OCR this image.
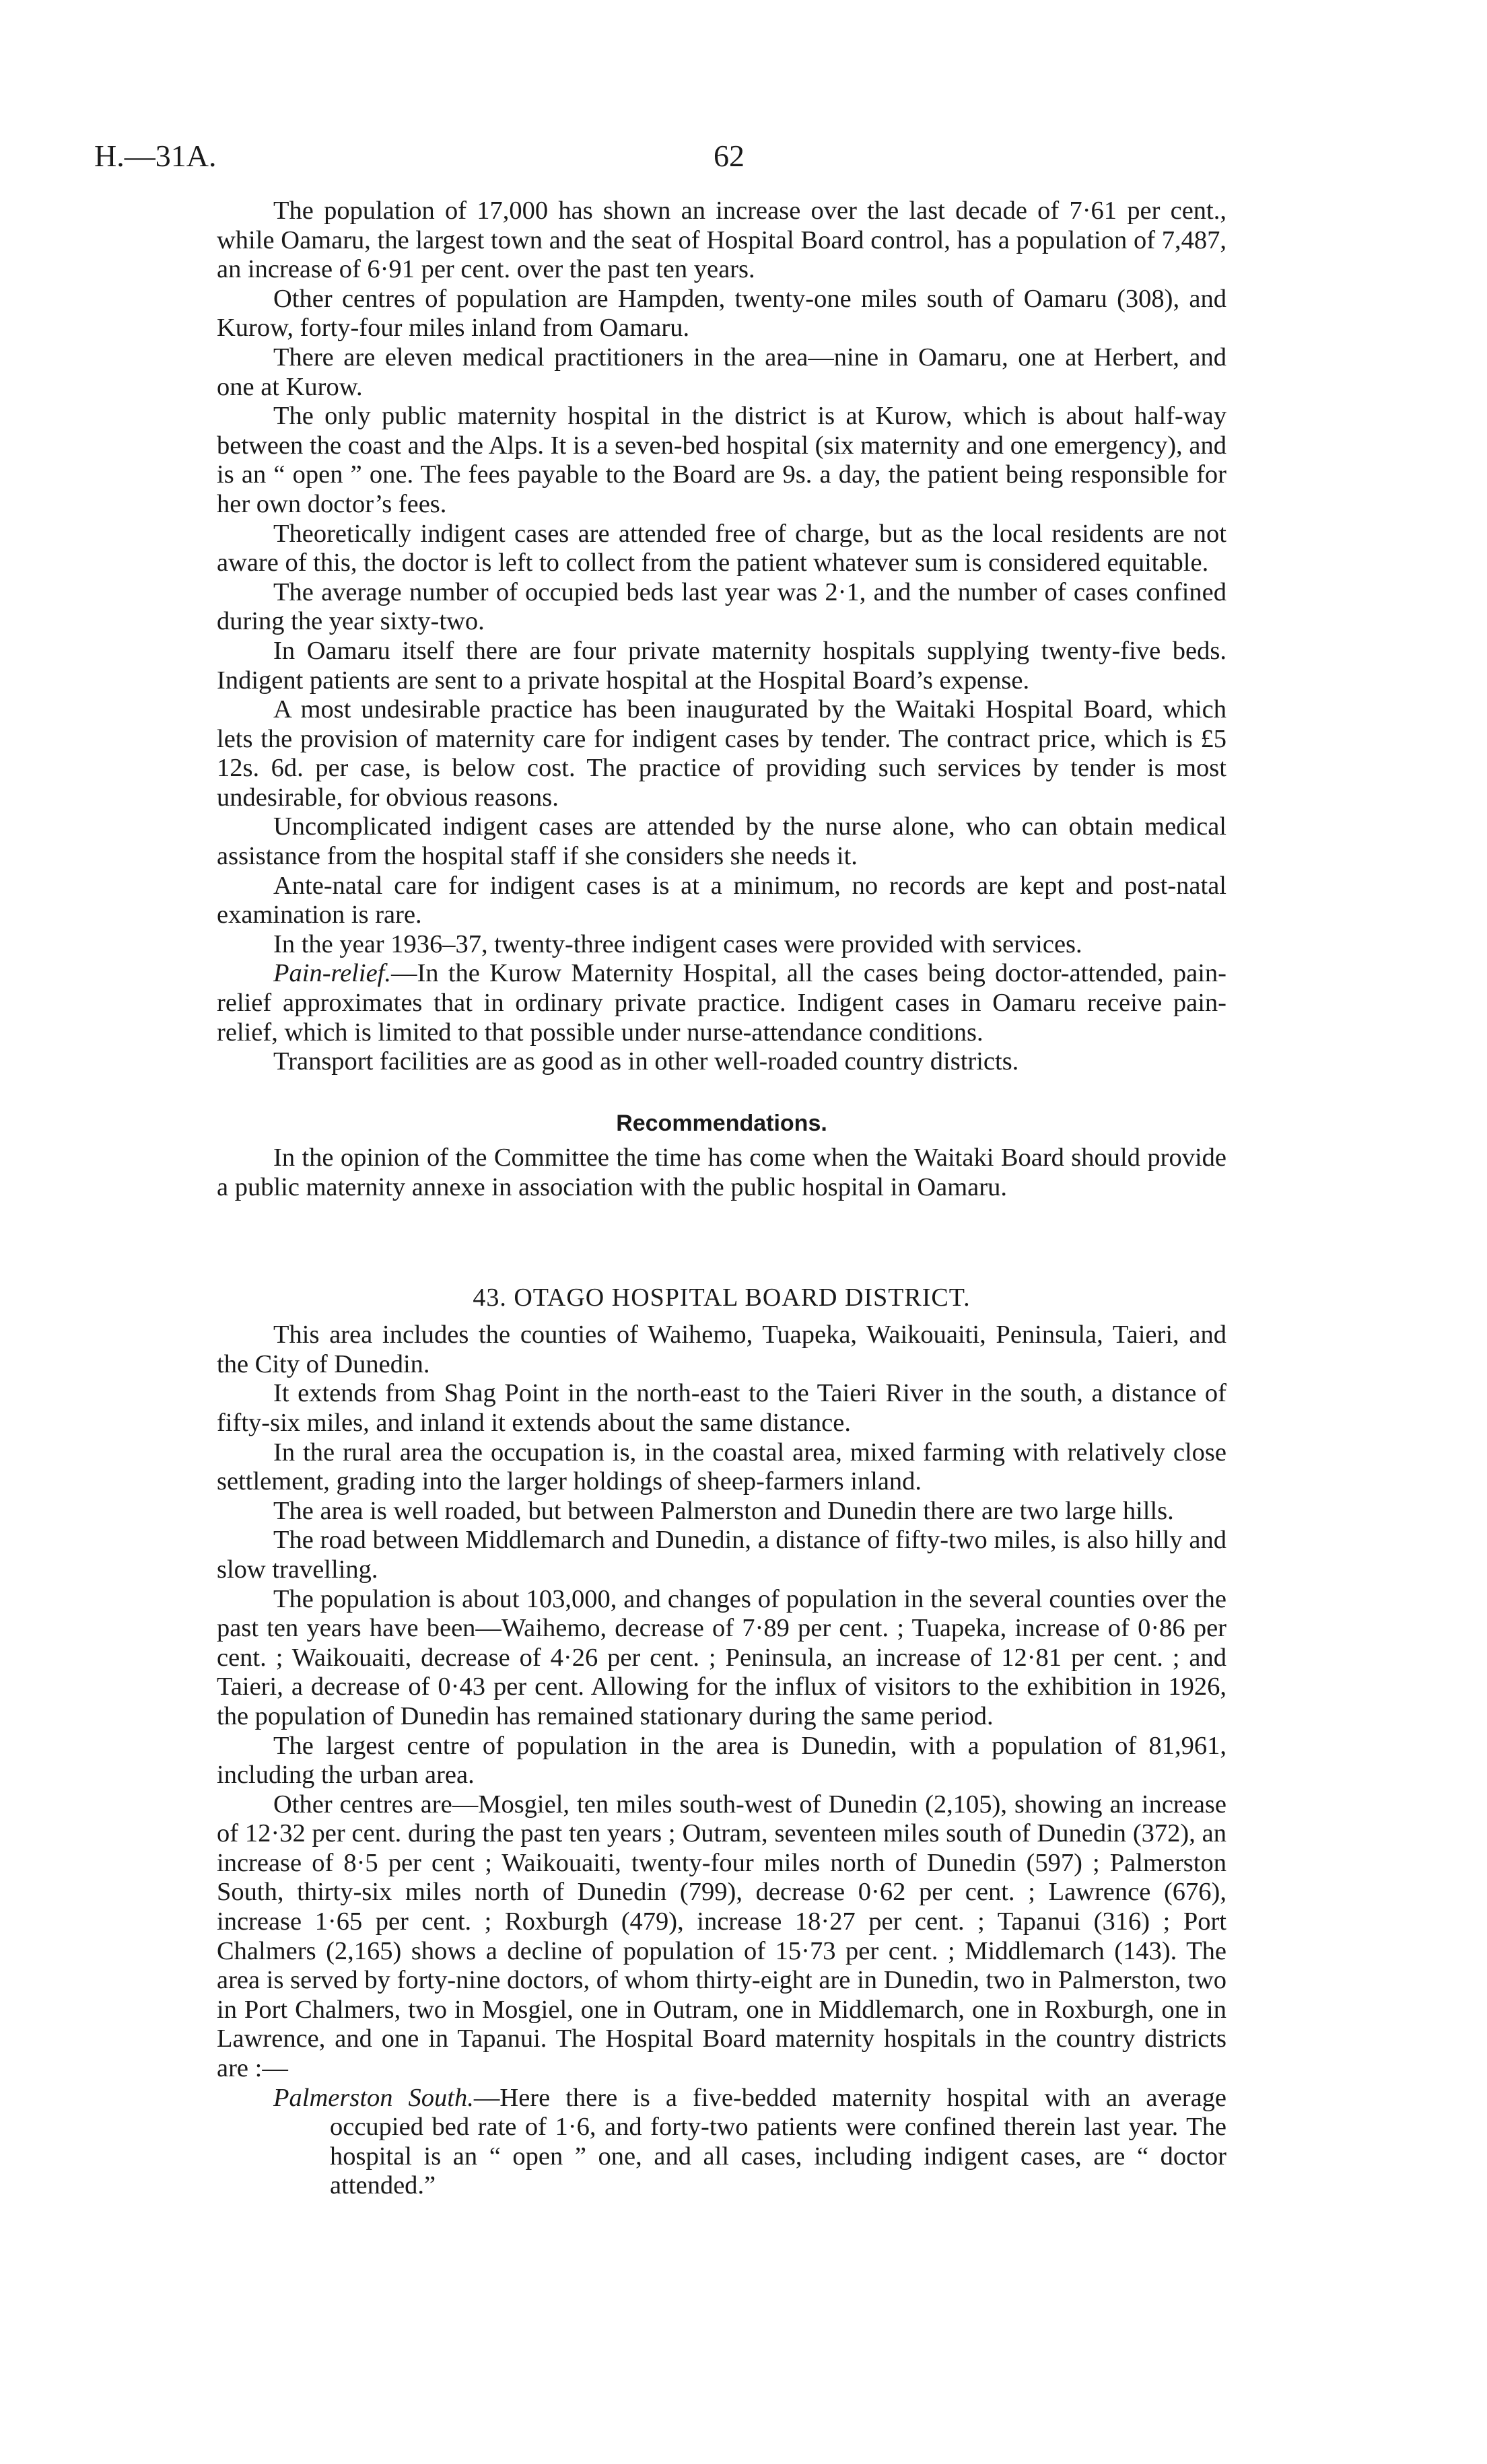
H.—31A.	62

The population of 17,000 has shown an increase over the last decade of 7·61 per cent., while Oamaru, the largest town and the seat of Hospital Board control, has a population of 7,487, an increase of 6·91 per cent. over the past ten years.

Other centres of population are Hampden, twenty-one miles south of Oamaru (308), and Kurow, forty-four miles inland from Oamaru.

There are eleven medical practitioners in the area—nine in Oamaru, one at Herbert, and one at Kurow.

The only public maternity hospital in the district is at Kurow, which is about half-way between the coast and the Alps. It is a seven-bed hospital (six maternity and one emergency), and is an “ open ” one. The fees payable to the Board are 9s. a day, the patient being responsible for her own doctor’s fees.

Theoretically indigent cases are attended free of charge, but as the local residents are not aware of this, the doctor is left to collect from the patient whatever sum is considered equitable.

The average number of occupied beds last year was 2·1, and the number of cases confined during the year sixty-two.

In Oamaru itself there are four private maternity hospitals supplying twenty-five beds. Indigent patients are sent to a private hospital at the Hospital Board’s expense.

A most undesirable practice has been inaugurated by the Waitaki Hospital Board, which lets the provision of maternity care for indigent cases by tender. The contract price, which is £5 12s. 6d. per case, is below cost. The practice of providing such services by tender is most undesirable, for obvious reasons.

Uncomplicated indigent cases are attended by the nurse alone, who can obtain medical assistance from the hospital staff if she considers she needs it.

Ante-natal care for indigent cases is at a minimum, no records are kept and post-natal examination is rare.

In the year 1936–37, twenty-three indigent cases were provided with services.

Pain-relief.—In the Kurow Maternity Hospital, all the cases being doctor-attended, pain-relief approximates that in ordinary private practice. Indigent cases in Oamaru receive pain-relief, which is limited to that possible under nurse-attendance conditions.

Transport facilities are as good as in other well-roaded country districts.

Recommendations.

In the opinion of the Committee the time has come when the Waitaki Board should provide a public maternity annexe in association with the public hospital in Oamaru.

43. OTAGO HOSPITAL BOARD DISTRICT.

This area includes the counties of Waihemo, Tuapeka, Waikouaiti, Peninsula, Taieri, and the City of Dunedin.

It extends from Shag Point in the north-east to the Taieri River in the south, a distance of fifty-six miles, and inland it extends about the same distance.

In the rural area the occupation is, in the coastal area, mixed farming with relatively close settlement, grading into the larger holdings of sheep-farmers inland.

The area is well roaded, but between Palmerston and Dunedin there are two large hills.

The road between Middlemarch and Dunedin, a distance of fifty-two miles, is also hilly and slow travelling.

The population is about 103,000, and changes of population in the several counties over the past ten years have been—Waihemo, decrease of 7·89 per cent. ; Tuapeka, increase of 0·86 per cent. ; Waikouaiti, decrease of 4·26 per cent. ; Peninsula, an increase of 12·81 per cent. ; and Taieri, a decrease of 0·43 per cent. Allowing for the influx of visitors to the exhibition in 1926, the population of Dunedin has remained stationary during the same period.

The largest centre of population in the area is Dunedin, with a population of 81,961, including the urban area.

Other centres are—Mosgiel, ten miles south-west of Dunedin (2,105), showing an increase of 12·32 per cent. during the past ten years ; Outram, seventeen miles south of Dunedin (372), an increase of 8·5 per cent ; Waikouaiti, twenty-four miles north of Dunedin (597) ; Palmerston South, thirty-six miles north of Dunedin (799), decrease 0·62 per cent. ; Lawrence (676), increase 1·65 per cent. ; Roxburgh (479), increase 18·27 per cent. ; Tapanui (316) ; Port Chalmers (2,165) shows a decline of population of 15·73 per cent. ; Middlemarch (143). The area is served by forty-nine doctors, of whom thirty-eight are in Dunedin, two in Palmerston, two in Port Chalmers, two in Mosgiel, one in Outram, one in Middlemarch, one in Roxburgh, one in Lawrence, and one in Tapanui. The Hospital Board maternity hospitals in the country districts are :—

Palmerston South.—Here there is a five-bedded maternity hospital with an average occupied bed rate of 1·6, and forty-two patients were confined therein last year. The hospital is an “ open ” one, and all cases, including indigent cases, are “ doctor attended.”
